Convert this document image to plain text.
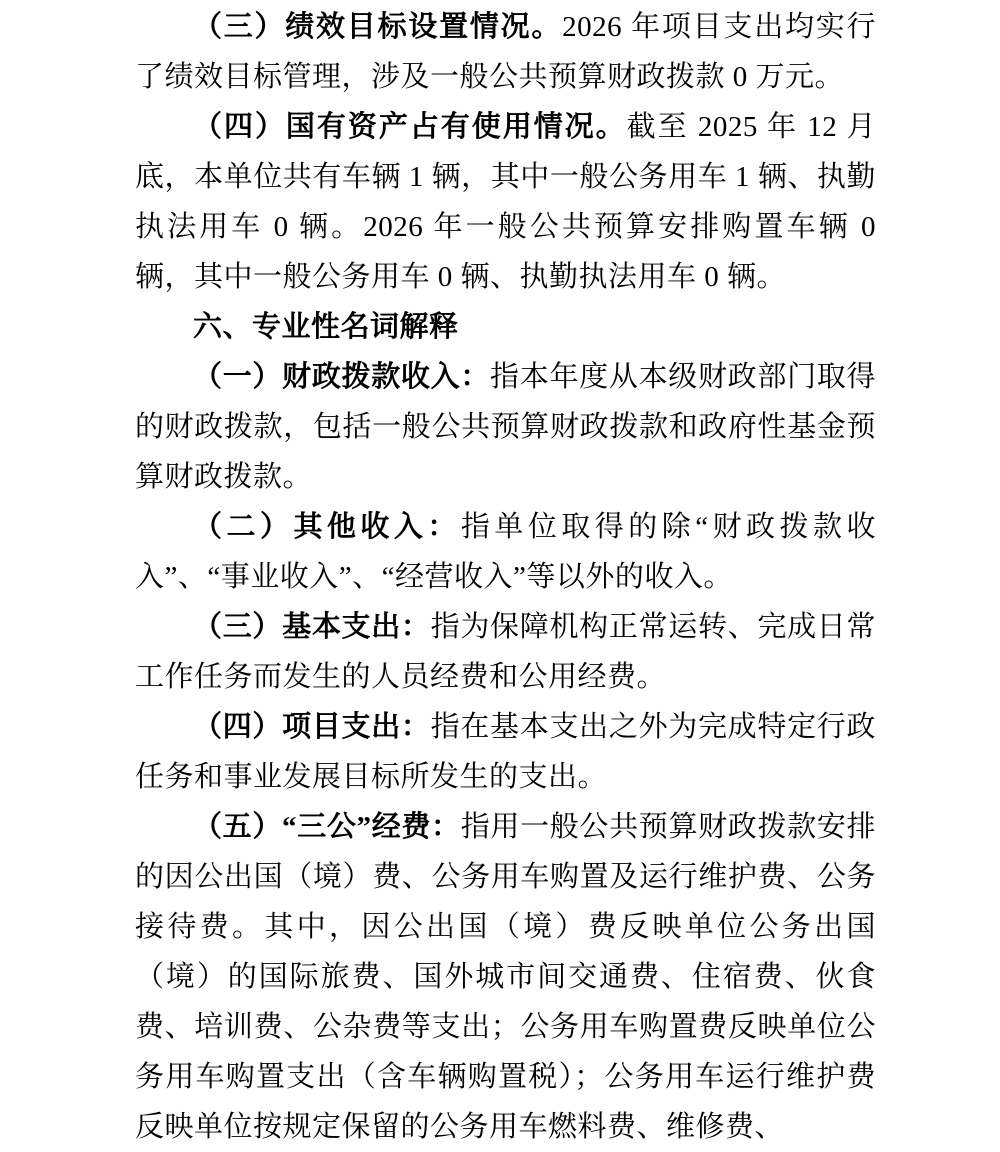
（三）绩效目标设置情况。2026 年项目支出均实行了绩效目标管理，涉及一般公共预算财政拨款 0 万元。

（四）国有资产占有使用情况。截至 2025 年 12 月底，本单位共有车辆 1 辆，其中一般公务用车 1 辆、执勤执法用车 0 辆。2026 年一般公共预算安排购置车辆 0 辆，其中一般公务用车 0 辆、执勤执法用车 0 辆。

六、专业性名词解释

（一）财政拨款收入：指本年度从本级财政部门取得的财政拨款，包括一般公共预算财政拨款和政府性基金预算财政拨款。

（二）其他收入：指单位取得的除“财政拨款收入”、“事业收入”、“经营收入”等以外的收入。

（三）基本支出：指为保障机构正常运转、完成日常工作任务而发生的人员经费和公用经费。

（四）项目支出：指在基本支出之外为完成特定行政任务和事业发展目标所发生的支出。

（五）“三公”经费：指用一般公共预算财政拨款安排的因公出国（境）费、公务用车购置及运行维护费、公务接待费。其中，因公出国（境）费反映单位公务出国（境）的国际旅费、国外城市间交通费、住宿费、伙食费、培训费、公杂费等支出；公务用车购置费反映单位公务用车购置支出（含车辆购置税）；公务用车运行维护费反映单位按规定保留的公务用车燃料费、维修费、
